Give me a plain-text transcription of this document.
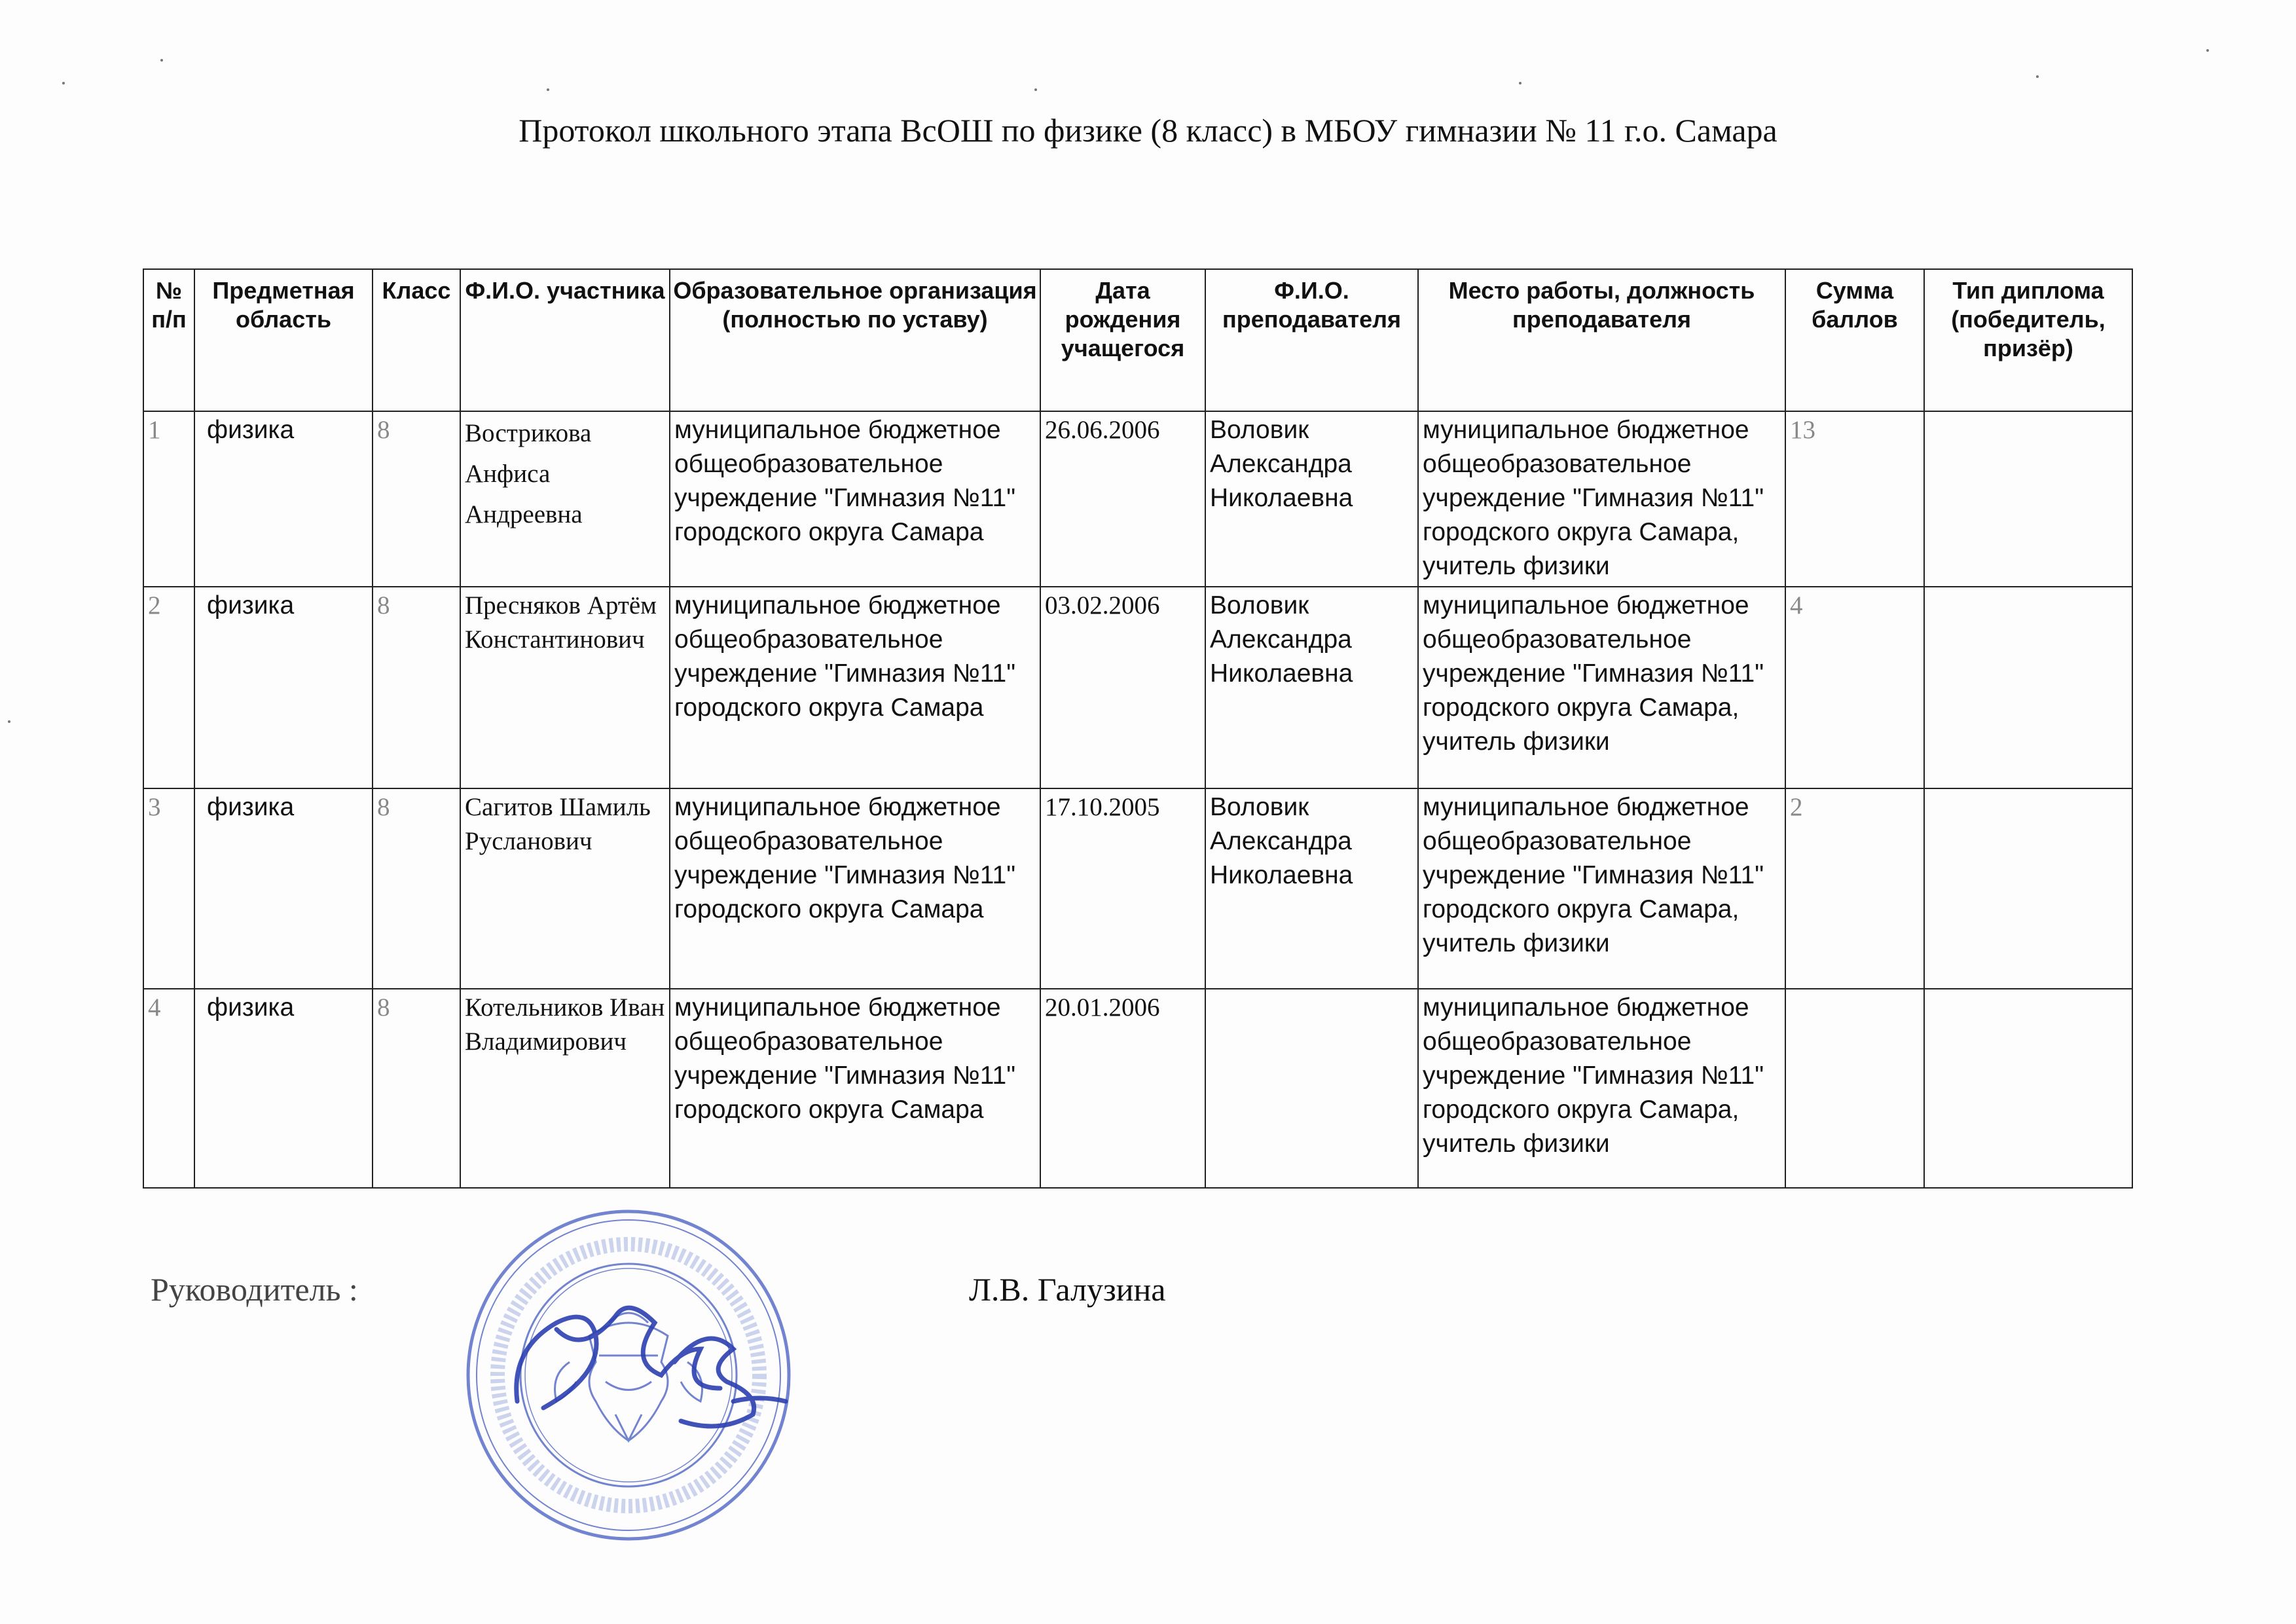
Протокол школьного этапа ВсОШ по физике (8 класс) в МБОУ гимназии № 11 г.о. Самара
№ п/п	Предметная область	Класс	Ф.И.О. участника	Образовательное организация (полностью по уставу)	Дата рождения учащегося	Ф.И.О. преподавателя	Место работы, должность преподавателя	Сумма баллов	Тип диплома (победитель, призёр)
1	физика	8	Вострикова Анфиса Андреевна	муниципальное бюджетное общеобразовательное учреждение "Гимназия №11" городского округа Самара	26.06.2006	Воловик Александра Николаевна	муниципальное бюджетное общеобразовательное учреждение "Гимназия №11" городского округа Самара, учитель физики	13	
2	физика	8	Пресняков Артём Константинович	муниципальное бюджетное общеобразовательное учреждение "Гимназия №11" городского округа Самара	03.02.2006	Воловик Александра Николаевна	муниципальное бюджетное общеобразовательное учреждение "Гимназия №11" городского округа Самара, учитель физики	4	
3	физика	8	Сагитов Шамиль Русланович	муниципальное бюджетное общеобразовательное учреждение "Гимназия №11" городского округа Самара	17.10.2005	Воловик Александра Николаевна	муниципальное бюджетное общеобразовательное учреждение "Гимназия №11" городского округа Самара, учитель физики	2	
4	физика	8	Котельников Иван Владимирович	муниципальное бюджетное общеобразовательное учреждение "Гимназия №11" городского округа Самара	20.01.2006		муниципальное бюджетное общеобразовательное учреждение "Гимназия №11" городского округа Самара, учитель физики		
Руководитель :	Л.В. Галузина
